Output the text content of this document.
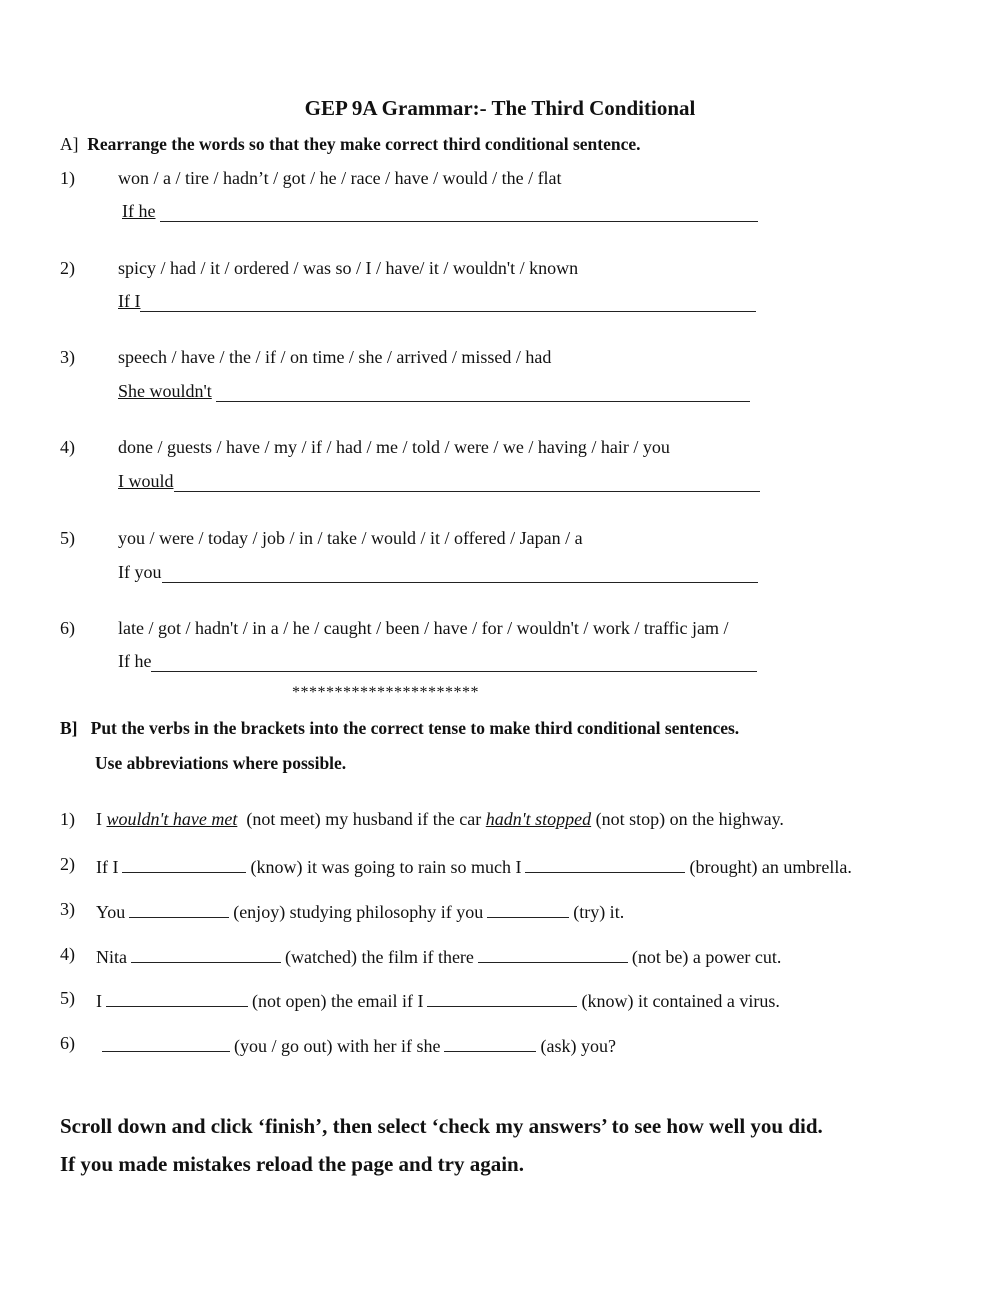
GEP 9A Grammar:- The Third Conditional
A] Rearrange the words so that they make correct third conditional sentence.
1) won / a / tire / hadn’t / got / he / race / have / would / the / flat
If he
2) spicy / had / it / ordered / was so / I / have/ it / wouldn't / known
If I
3) speech / have / the / if / on time / she / arrived / missed / had
She wouldn't
4) done / guests / have / my / if / had / me / told / were / we / having / hair / you
I would
5) you / were / today / job / in / take / would / it / offered / Japan / a
If you
6) late / got / hadn't / in a / he / caught / been / have / for / wouldn't / work / traffic jam /
If he
**********************
B] Put the verbs in the brackets into the correct tense to make third conditional sentences.
Use abbreviations where possible.
1) I wouldn't have met  (not meet) my husband if the car hadn't stopped (not stop) on the highway.
2) If I	(know) it was going to rain so much I	(brought) an umbrella.
3) You	(enjoy) studying philosophy if you	(try) it.
4) Nita	(watched) the film if there	(not be) a power cut.
5) I	(not open) the email if I	(know) it contained a virus.
6)	(you / go out) with her if she	(ask) you?
Scroll down and click ‘finish’, then select ‘check my answers’ to see how well you did.
If you made mistakes reload the page and try again.
